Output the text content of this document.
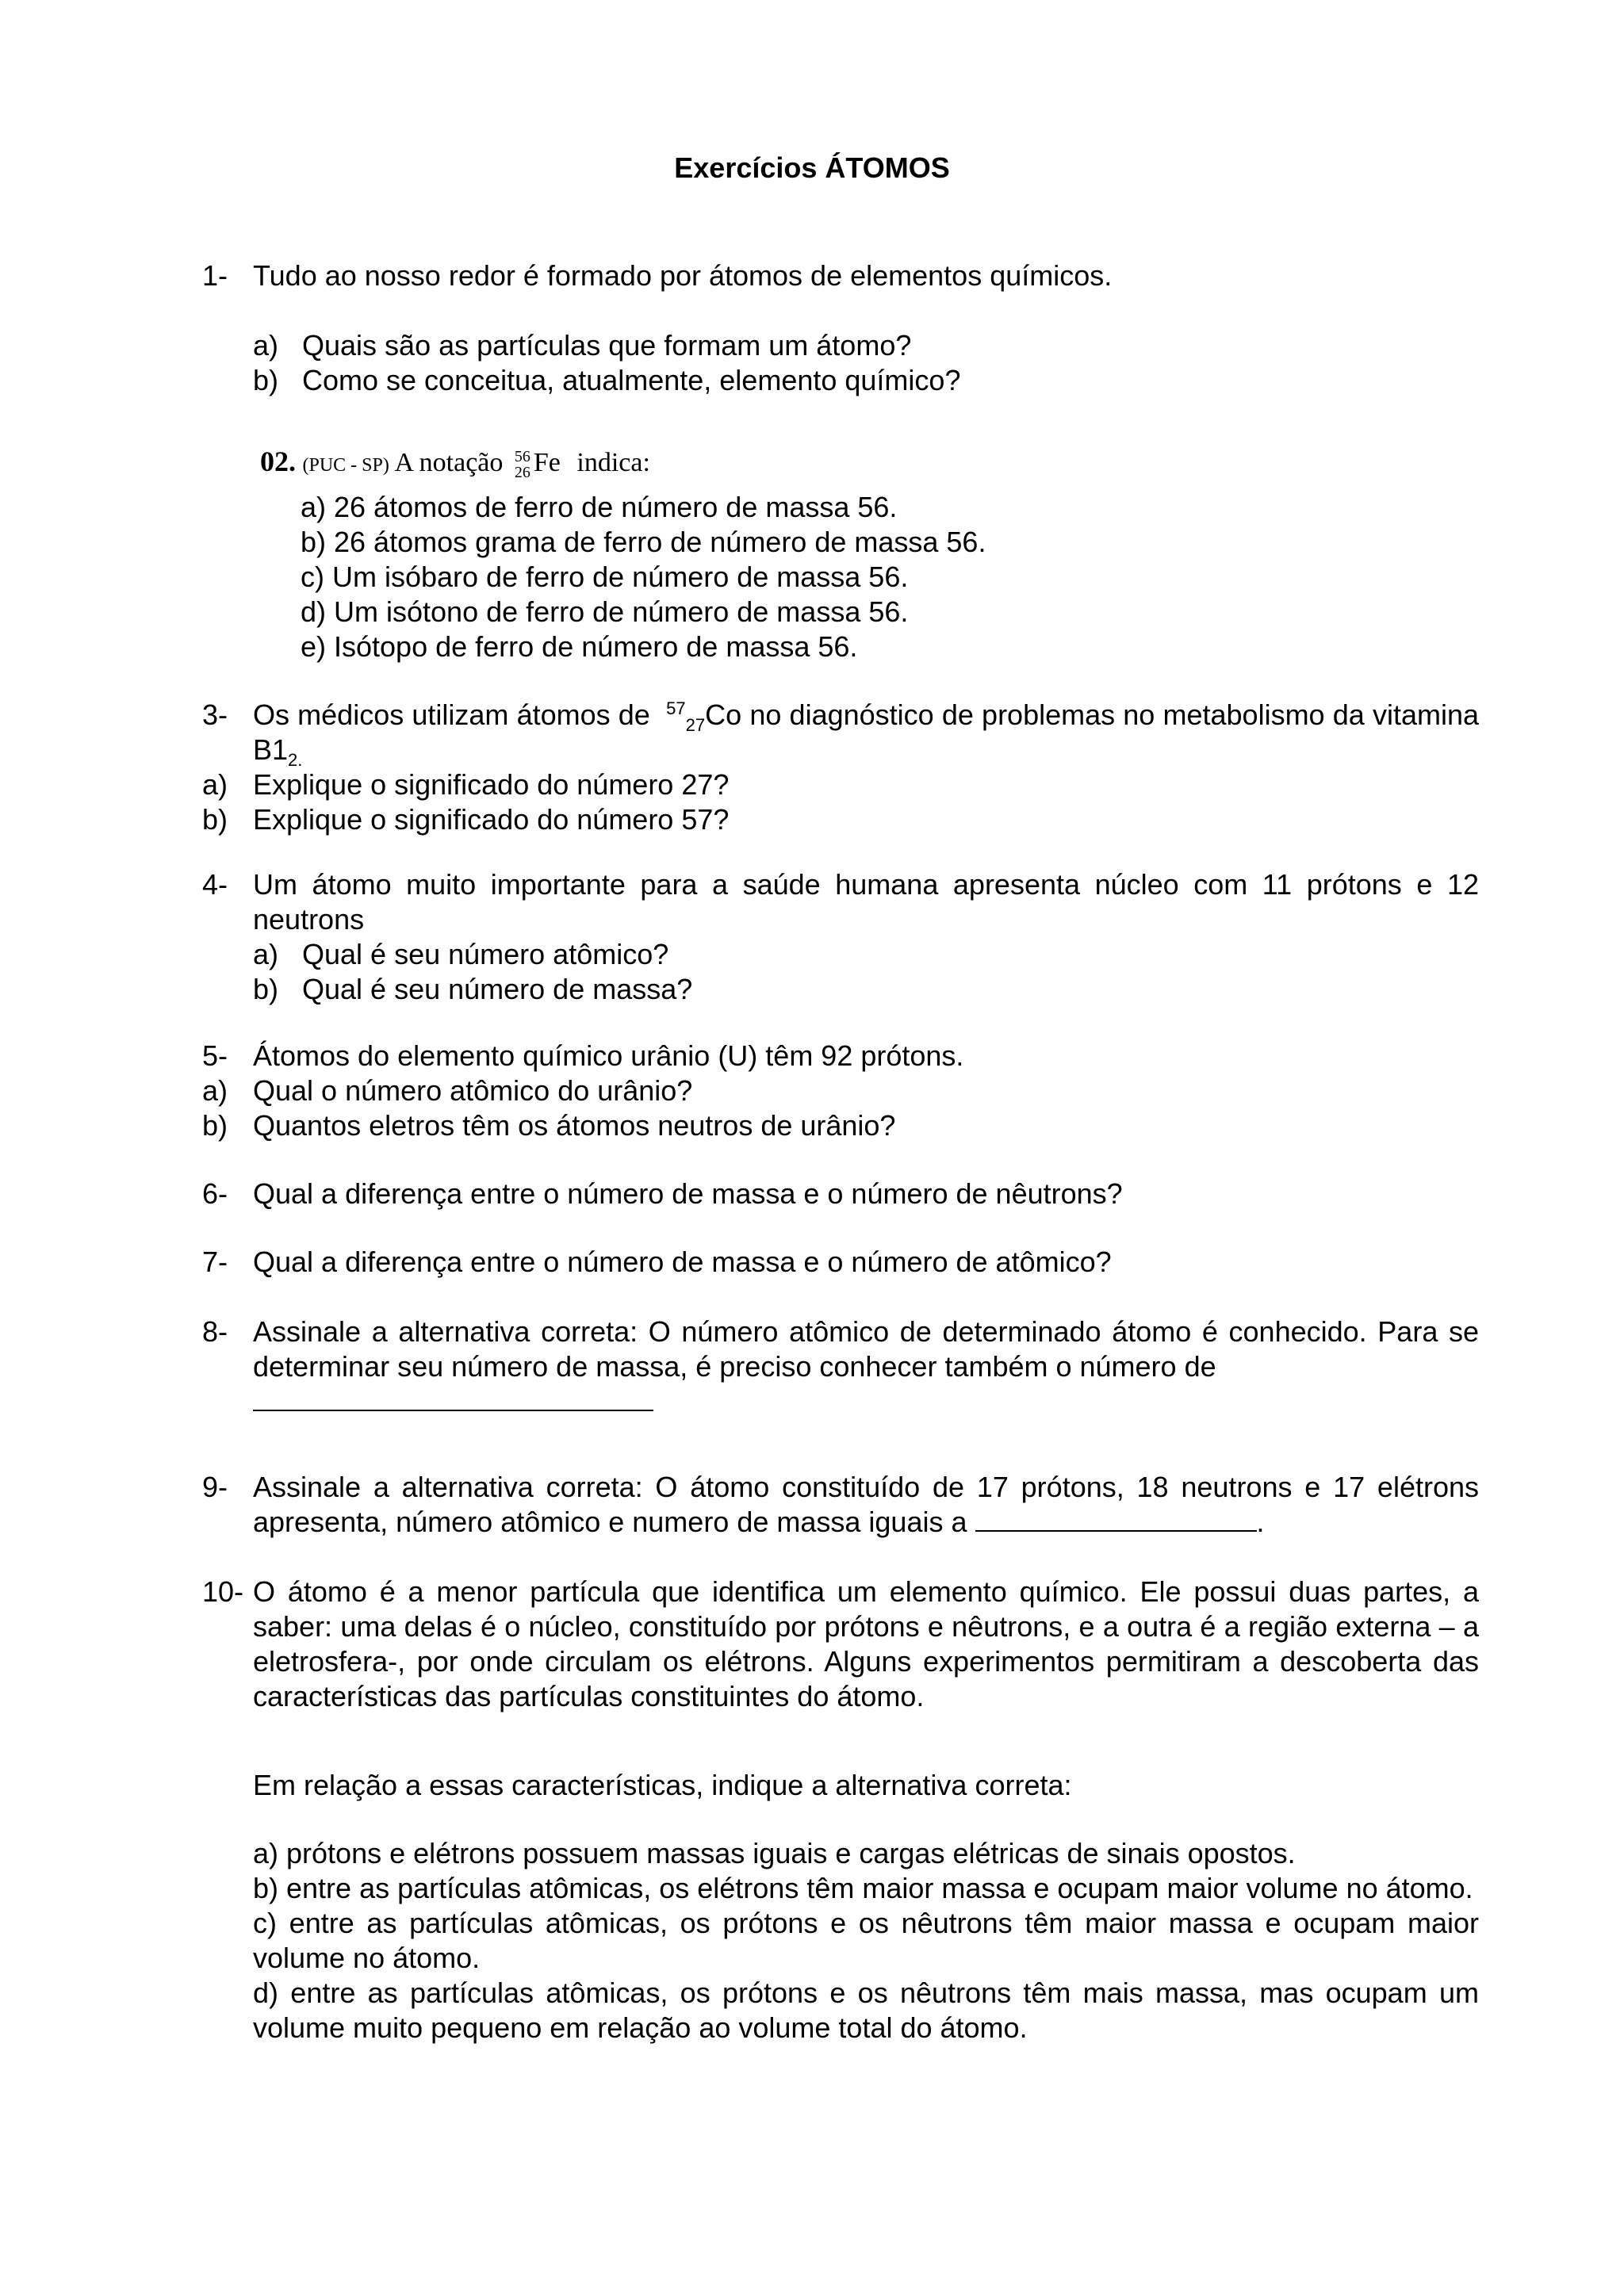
Exercícios ÁTOMOS
1- Tudo ao nosso redor é formado por átomos de elementos químicos.
a) Quais são as partículas que formam um átomo?
b) Como se conceitua, atualmente, elemento químico?
02. (PUC - SP) A notação 56
26 Fe indica:
a) 26 átomos de ferro de número de massa 56.
b) 26 átomos grama de ferro de número de massa 56.
c) Um isóbaro de ferro de número de massa 56.
d) Um isótono de ferro de número de massa 56.
e) Isótopo de ferro de número de massa 56.
3- Os médicos utilizam átomos de $^{57}_{27}$Co no diagnóstico de problemas no metabolismo da vitamina $B1_{2.}$
a) Explique o significado do número 27?
b) Explique o significado do número 57?
4- Um átomo muito importante para a saúde humana apresenta núcleo com 11 prótons e 12 neutrons
a) Qual é seu número atômico?
b) Qual é seu número de massa?
5- Átomos do elemento químico urânio (U) têm 92 prótons.
a) Qual o número atômico do urânio?
b) Quantos eletros têm os átomos neutros de urânio?
6- Qual a diferença entre o número de massa e o número de nêutrons?
7- Qual a diferença entre o número de massa e o número de atômico?
8- Assinale a alternativa correta: O número atômico de determinado átomo é conhecido. Para se determinar seu número de massa, é preciso conhecer também o número de
9- Assinale a alternativa correta: O átomo constituído de 17 prótons, 18 neutrons e 17 elétrons apresenta, número atômico e numero de massa iguais a	.
10- O átomo é a menor partícula que identifica um elemento químico. Ele possui duas partes, a saber: uma delas é o núcleo, constituído por prótons e nêutrons, e a outra é a região externa – a eletrosfera-, por onde circulam os elétrons. Alguns experimentos permitiram a descoberta das características das partículas constituintes do átomo.
Em relação a essas características, indique a alternativa correta:
a) prótons e elétrons possuem massas iguais e cargas elétricas de sinais opostos.
b) entre as partículas atômicas, os elétrons têm maior massa e ocupam maior volume no átomo.
c) entre as partículas atômicas, os prótons e os nêutrons têm maior massa e ocupam maior volume no átomo.
d) entre as partículas atômicas, os prótons e os nêutrons têm mais massa, mas ocupam um volume muito pequeno em relação ao volume total do átomo.
